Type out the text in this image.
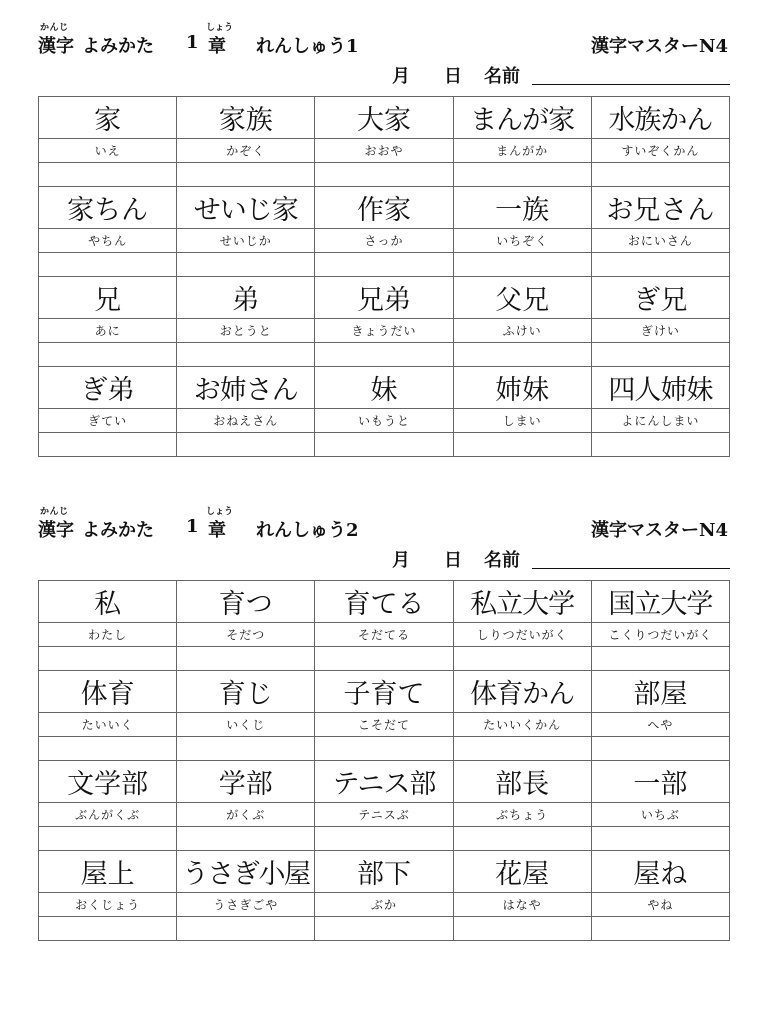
かんじ
漢字 よみかた 1
しょう
章 れんしゅう1	漢字マスターN4
月 日 名前
家	家族	大家	まんが家	水族かん
いえ	かぞく	おおや	まんがか	すいぞくかん

家ちん	せいじ家	作家	一族	お兄さん
やちん	せいじか	さっか	いちぞく	おにいさん

兄	弟	兄弟	父兄	ぎ兄
あに	おとうと	きょうだい	ふけい	ぎけい

ぎ弟	お姉さん	妹	姉妹	四人姉妹
ぎてい	おねえさん	いもうと	しまい	よにんしまい

かんじ
漢字 よみかた 1
しょう
章 れんしゅう2	漢字マスターN4
月 日 名前
私	育つ	育てる	私立大学	国立大学
わたし	そだつ	そだてる	しりつだいがく	こくりつだいがく

体育	育じ	子育て	体育かん	部屋
たいいく	いくじ	こそだて	たいいくかん	へや

文学部	学部	テニス部	部長	一部
ぶんがくぶ	がくぶ	テニスぶ	ぶちょう	いちぶ

屋上	うさぎ小屋	部下	花屋	屋ね
おくじょう	うさぎごや	ぶか	はなや	やね
